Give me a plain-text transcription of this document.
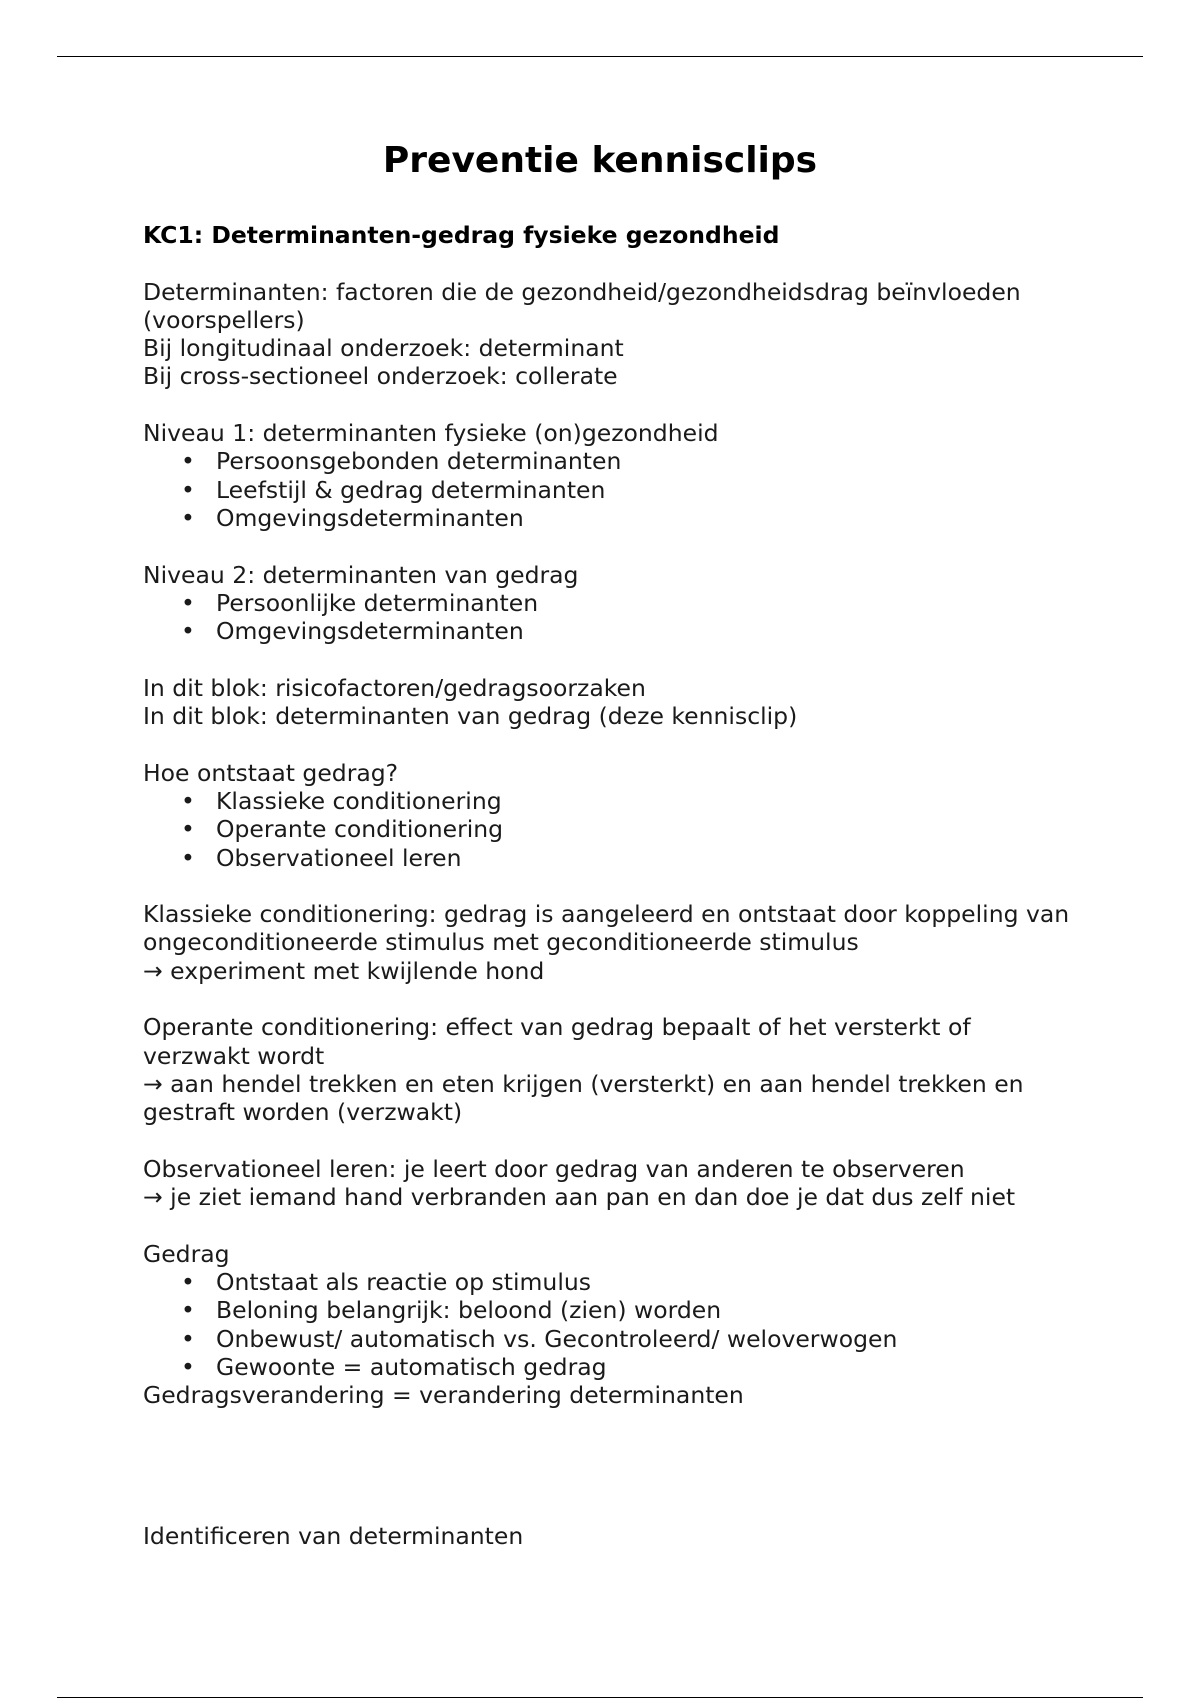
Preventie kennisclips

KC1: Determinanten-gedrag fysieke gezondheid

Determinanten: factoren die de gezondheid/gezondheidsdrag beïnvloeden (voorspellers)

Bij longitudinaal onderzoek: determinant

Bij cross-sectioneel onderzoek: collerate

Niveau 1: determinanten fysieke (on)gezondheid

• Persoonsgebonden determinanten
• Leefstijl & gedrag determinanten
• Omgevingsdeterminanten

Niveau 2: determinanten van gedrag

• Persoonlijke determinanten
• Omgevingsdeterminanten

In dit blok: risicofactoren/gedragsoorzaken

In dit blok: determinanten van gedrag (deze kennisclip)

Hoe ontstaat gedrag?

• Klassieke conditionering
• Operante conditionering
• Observationeel leren

Klassieke conditionering: gedrag is aangeleerd en ontstaat door koppeling van ongeconditioneerde stimulus met geconditioneerde stimulus

→ experiment met kwijlende hond

Operante conditionering: effect van gedrag bepaalt of het versterkt of verzwakt wordt

→ aan hendel trekken en eten krijgen (versterkt) en aan hendel trekken en gestraft worden (verzwakt)

Observationeel leren: je leert door gedrag van anderen te observeren

→ je ziet iemand hand verbranden aan pan en dan doe je dat dus zelf niet

Gedrag

• Ontstaat als reactie op stimulus
• Beloning belangrijk: beloond (zien) worden
• Onbewust/ automatisch vs. Gecontroleerd/ weloverwogen
• Gewoonte = automatisch gedrag

Gedragsverandering = verandering determinanten

Identificeren van determinanten
